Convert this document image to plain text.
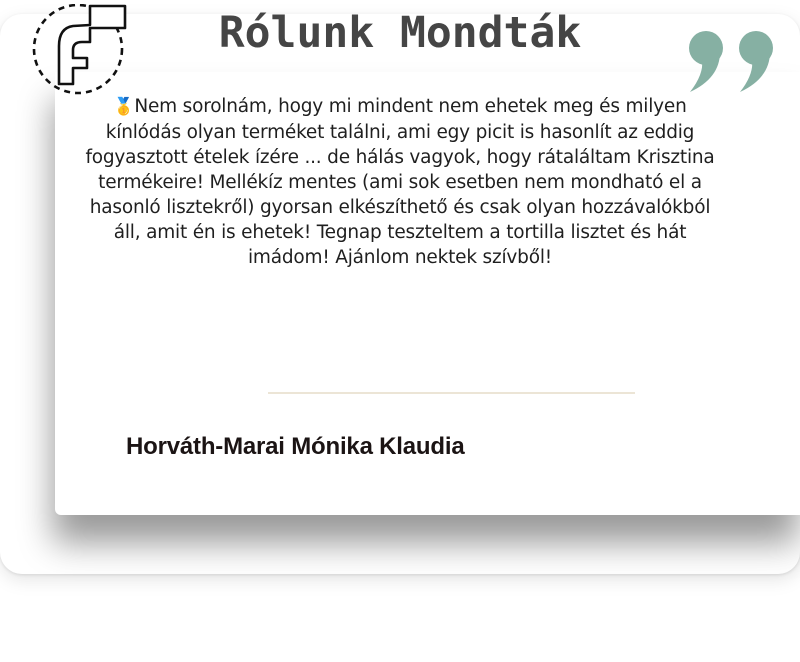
Rólunk Mondták

🥇Nem sorolnám, hogy mi mindent nem ehetek meg és milyen kínlódás olyan terméket találni, ami egy picit is hasonlít az eddig fogyasztott ételek ízére ... de hálás vagyok, hogy rátaláltam Krisztina termékeire! Mellékíz mentes (ami sok esetben nem mondható el a hasonló lisztekről) gyorsan elkészíthető és csak olyan hozzávalókból áll, amit én is ehetek! Tegnap teszteltem a tortilla lisztet és hát imádom! Ajánlom nektek szívből!

Horváth-Marai Mónika Klaudia
